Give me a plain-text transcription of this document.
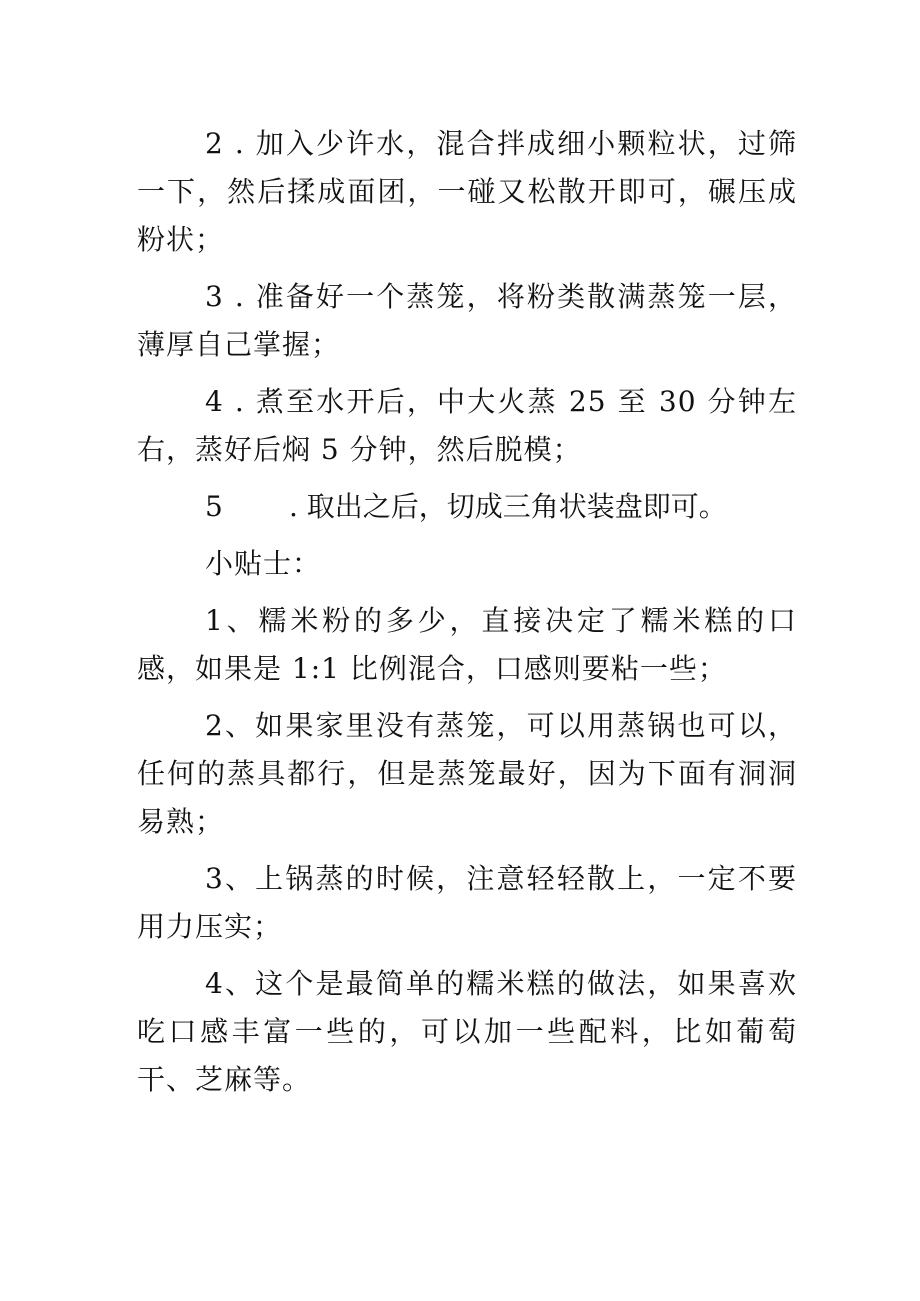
2 . 加入少许水，混合拌成细小颗粒状，过筛一下，然后揉成面团，一碰又松散开即可，碾压成粉状；

3 . 准备好一个蒸笼，将粉类散满蒸笼一层，薄厚自己掌握；

4 . 煮至水开后，中大火蒸 25 至 30 分钟左右，蒸好后焖 5 分钟，然后脱模；

5 . 取出之后，切成三角状装盘即可。

小贴士：

1、糯米粉的多少，直接决定了糯米糕的口感，如果是 1:1 比例混合，口感则要粘一些；

2、如果家里没有蒸笼，可以用蒸锅也可以，任何的蒸具都行，但是蒸笼最好，因为下面有洞洞易熟；

3、上锅蒸的时候，注意轻轻散上，一定不要用力压实；

4、这个是最简单的糯米糕的做法，如果喜欢吃口感丰富一些的，可以加一些配料，比如葡萄干、芝麻等。
